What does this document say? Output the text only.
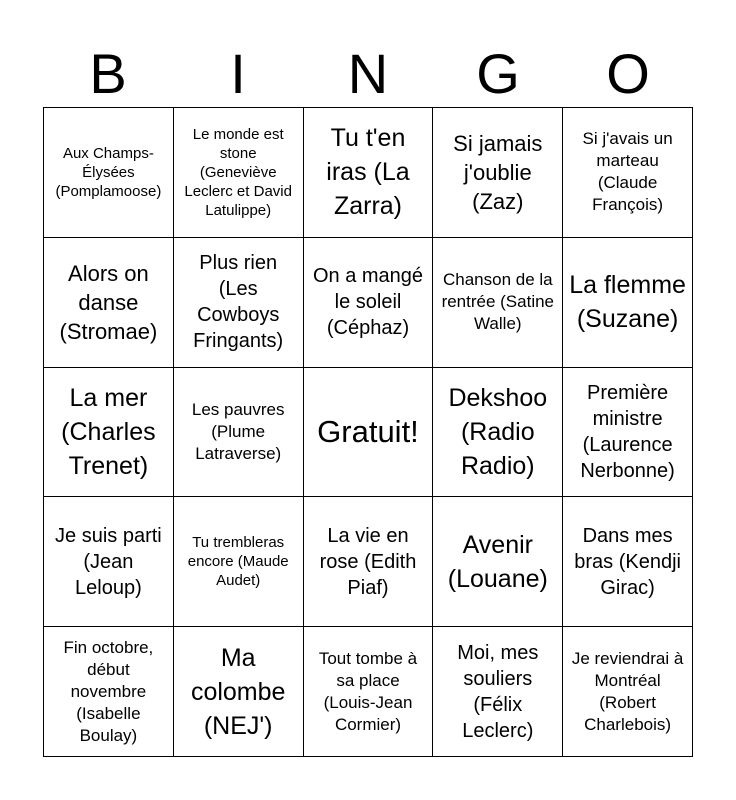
B	I	N	G	O
Aux Champs-Élysées (Pomplamoose)
Le monde est stone (Geneviève Leclerc et David Latulippe)
Tu t'en iras (La Zarra)
Si jamais j'oublie (Zaz)
Si j'avais un marteau (Claude François)
Alors on danse (Stromae)
Plus rien (Les Cowboys Fringants)
On a mangé le soleil (Céphaz)
Chanson de la rentrée (Satine Walle)
La flemme (Suzane)
La mer (Charles Trenet)
Les pauvres (Plume Latraverse)
Gratuit!
Dekshoo (Radio Radio)
Première ministre (Laurence Nerbonne)
Je suis parti (Jean Leloup)
Tu trembleras encore (Maude Audet)
La vie en rose (Edith Piaf)
Avenir (Louane)
Dans mes bras (Kendji Girac)
Fin octobre, début novembre (Isabelle Boulay)
Ma colombe (NEJ')
Tout tombe à sa place (Louis-Jean Cormier)
Moi, mes souliers (Félix Leclerc)
Je reviendrai à Montréal (Robert Charlebois)
